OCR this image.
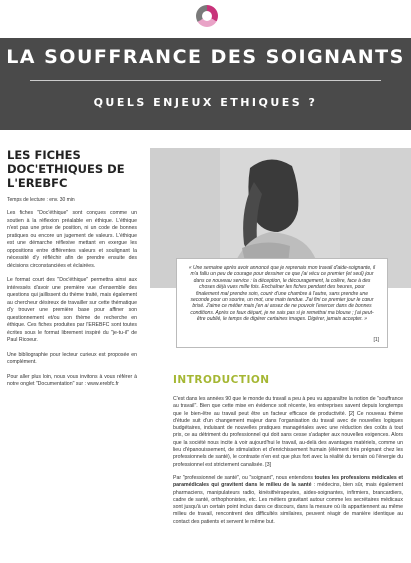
LA SOUFFRANCE DES SOIGNANTS
QUELS ENJEUX ETHIQUES ?
LES FICHES DOC'ETHIQUES DE L'EREBFC
Temps de lecture : env. 30 min

Les fiches "Doc'éthique" sont conçues comme un soutien à la réflexion préalable en éthique. L'éthique n'est pas une prise de position, ni un code de bonnes pratiques ou encore un jugement de valeurs. L'éthique est une démarche réflexive mettant en exergue les oppositions entre différentes valeurs et soulignant la nécessité d'y réfléchir afin de prendre ensuite des décisions circonstanciées et éclairées.

Le format court des "Doc'éthique" permettra ainsi aux intéressés d'avoir une première vue d'ensemble des questions qui jaillissent du thème traité, mais également au chercheur désireux de travailler sur cette thématique d'y trouver une première base pour affiner son questionnement et/ou son thème de recherche en éthique. Ces fiches produites par l'EREBFC sont toutes écrites sous le format librement inspiré du "je-tu-il" de Paul Ricoeur.

Une bibliographie pour lecteur curieux est proposée en complément.

Pour aller plus loin, nous vous invitons à vous référer à notre onglet "Documentation" sur : www.erebfc.fr

« Une semaine après avoir annoncé que je reprenais mon travail d'aide-soignante, il m'a fallu un peu de courage pour dessiner ce que j'ai vécu ce premier (et seul) jour dans ce nouveau service : la déception, le découragement, la colère, face à des choses déjà vues mille fois. Enchaîner les fiches pendant des heures, pour finalement mal prendre soin, courir d'une chambre à l'autre, sans prendre une seconde pour un sourire, un mot, une main tendue. J'ai fini ce premier jour le cœur brisé. J'aime ce métier mais j'en ai assez de ne pouvoir l'exercer dans de bonnes conditions. Après ce faux départ, je ne sais pas si je remettrai ma blouse ; j'ai peut-être oublié, le temps de digérer certaines images. Digérer, jamais accepter. »

[1]
INTRODUCTION

C'est dans les années 90 que le monde du travail a peu à peu vu apparaître la notion de "souffrance au travail". Bien que cette mise en évidence soit récente, les entreprises savent depuis longtemps que le bien-être au travail peut être un facteur efficace de productivité. [2] Ce nouveau thème d'étude suit d'un changement majeur dans l'organisation du travail avec de nouvelles logiques budgétaires, induisant de nouvelles pratiques managériales avec une réduction des coûts à tout prix, ce au détriment du professionnel qui doit sans cesse s'adapter aux nouvelles exigences. Alors que la société nous incite à voir aujourd'hui le travail, au-delà des avantages matériels, comme un lieu d'épanouissement, de stimulation et d'enrichissement humain (élément très prégnant chez les professionnels de santé), le contraste n'en est que plus fort avec la réalité du terrain où l'énergie du professionnel est strictement canalisée. [3]

Par "professionnel de santé", ou "soignant", nous entendons toutes les professions médicales et paramédicales qui gravitent dans le milieu de la santé : médecins, bien sûr, mais également pharmaciens, manipulateurs radio, kinésithérapeutes, aides-soignantes, infirmiers, brancardiers, cadre de santé, orthophonistes, etc. Les métiers gravitant autour comme les secrétaires médicaux sont jusqu'à un certain point inclus dans ce discours, dans la mesure où ils appartiennent au même milieu de travail, rencontrent des difficultés similaires, peuvent réagir de manière identique au contact des patients et servent le même but.
